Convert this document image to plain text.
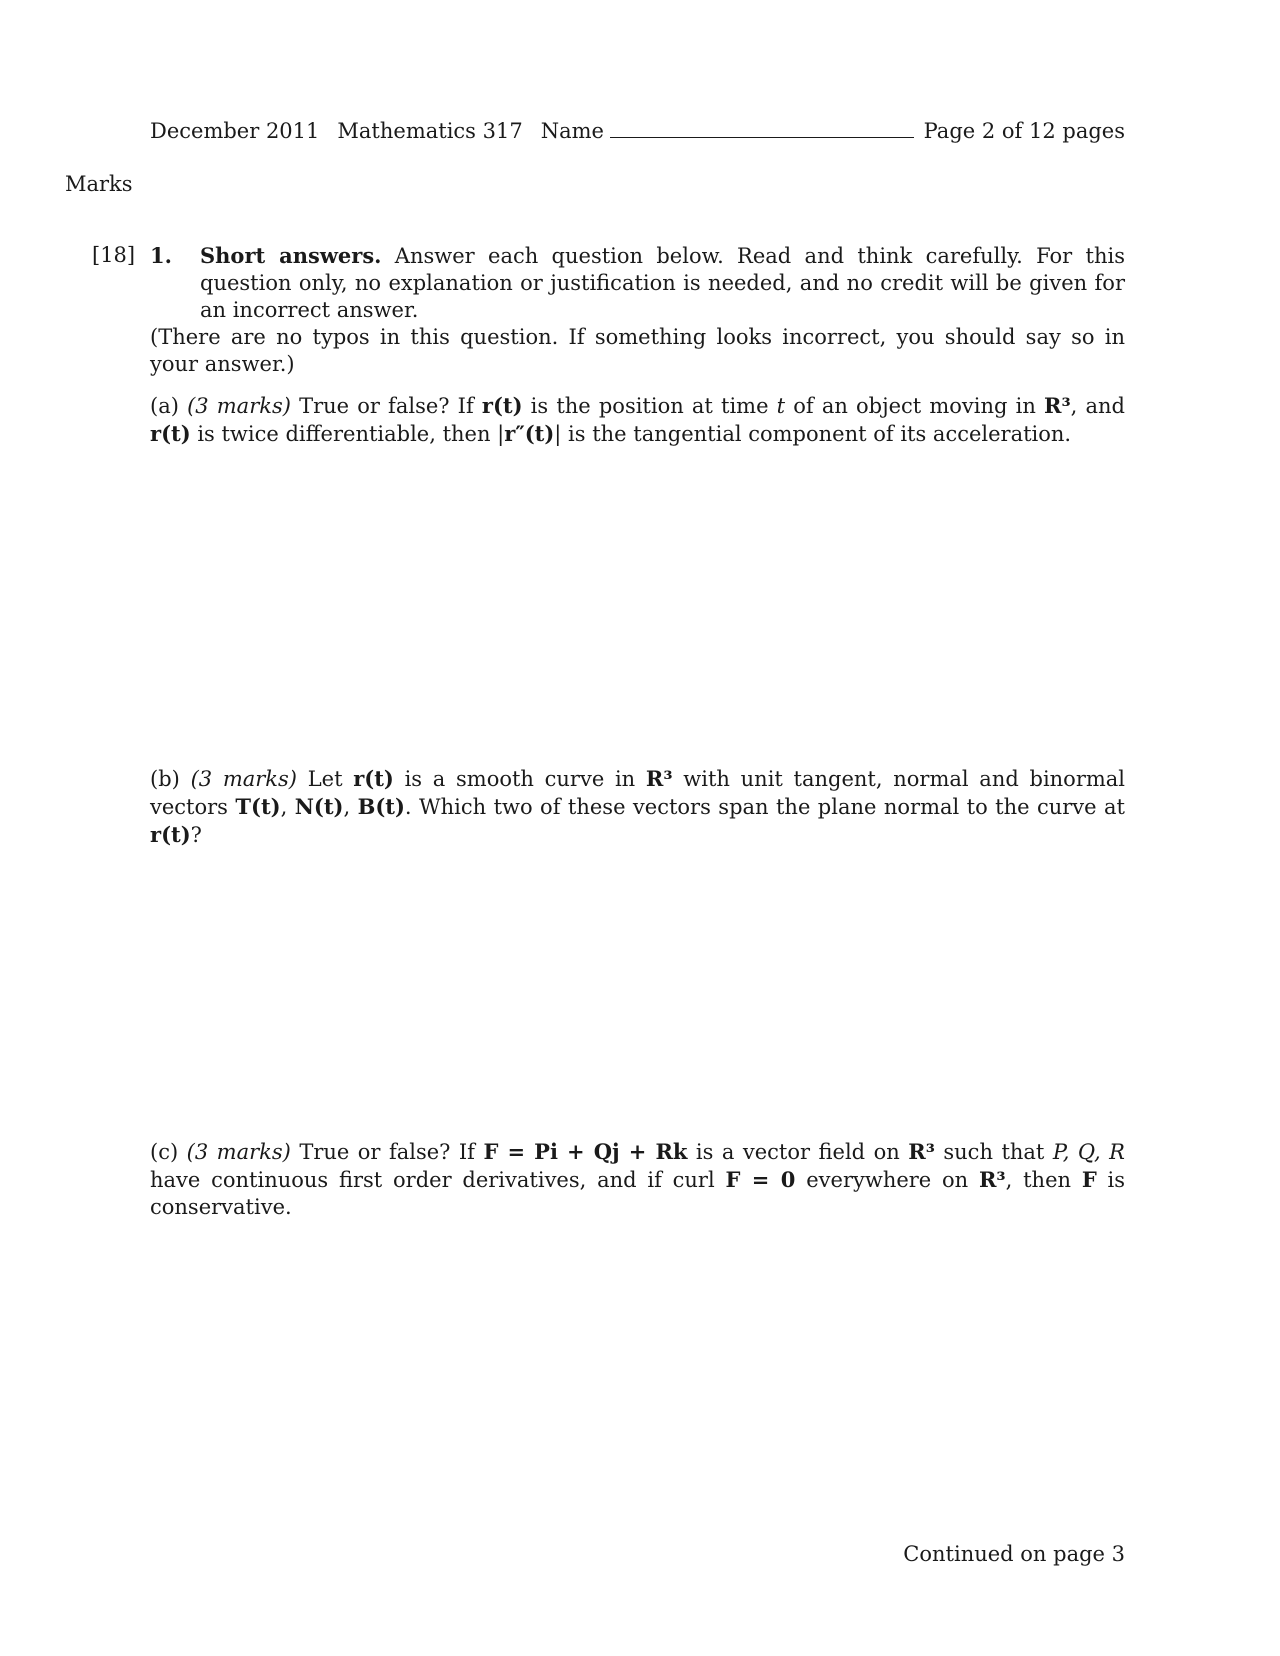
December 2011 Mathematics 317 Name	Page 2 of 12 pages
Marks
[18] 1. Short answers. Answer each question below. Read and think carefully. For this question only, no explanation or justification is needed, and no credit will be given for an incorrect answer.
(There are no typos in this question. If something looks incorrect, you should say so in your answer.)
(a) (3 marks) True or false? If r(t) is the position at time t of an object moving in R³, and r(t) is twice differentiable, then |r″(t)| is the tangential component of its acceleration.
(b) (3 marks) Let r(t) is a smooth curve in R³ with unit tangent, normal and binormal vectors T(t), N(t), B(t). Which two of these vectors span the plane normal to the curve at r(t)?
(c) (3 marks) True or false? If F = Pi + Qj + Rk is a vector field on R³ such that P, Q, R have continuous first order derivatives, and if curl F = 0 everywhere on R³, then F is conservative.
Continued on page 3
